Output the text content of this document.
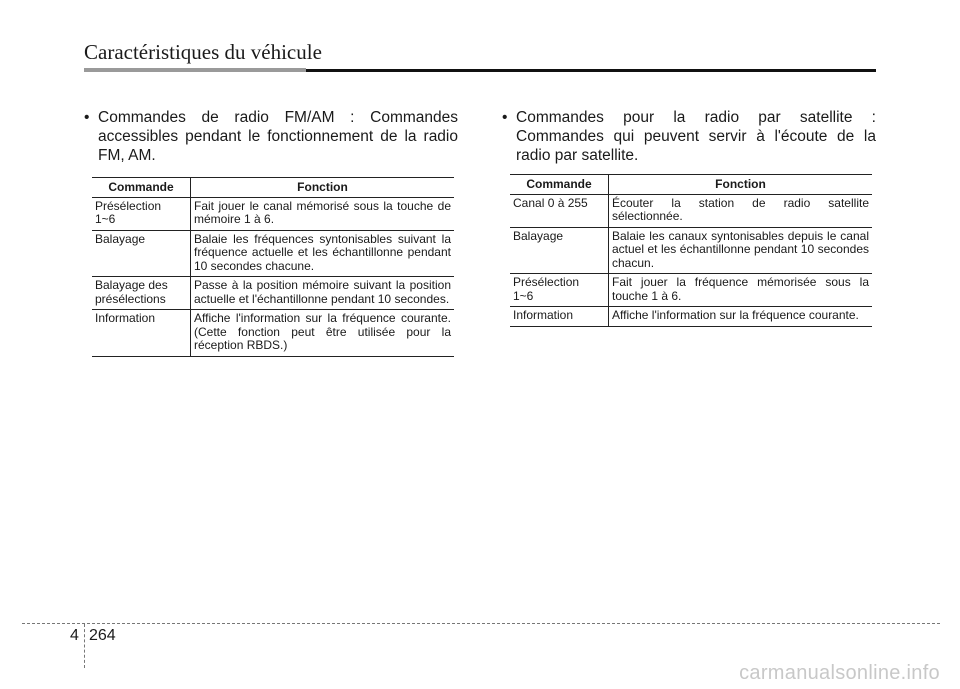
Caractéristiques du véhicule
• Commandes de radio FM/AM : Commandes accessibles pendant le fonctionnement de la radio FM, AM.
Commande	Fonction
Présélection
1~6	Fait jouer le canal mémorisé sous la touche de mémoire 1 à 6.
Balayage	Balaie les fréquences syntonisables suivant la fréquence actuelle et les échantillonne pendant 10 secondes chacune.
Balayage des
présélections	Passe à la position mémoire suivant la position actuelle et l'échantillonne pendant 10 secondes.
Information	Affiche l'information sur la fréquence courante. (Cette fonction peut être utilisée pour la réception RBDS.)
• Commandes pour la radio par satellite : Commandes qui peuvent servir à l'écoute de la radio par satellite.
Commande	Fonction
Canal 0 à 255	Écouter la station de radio satellite sélectionnée.
Balayage	Balaie les canaux syntonisables depuis le canal actuel et les échantillonne pendant 10 secondes chacun.
Présélection
1~6	Fait jouer la fréquence mémorisée sous la touche 1 à 6.
Information	Affiche l'information sur la fréquence courante.
4 264
carmanualsonline.info
